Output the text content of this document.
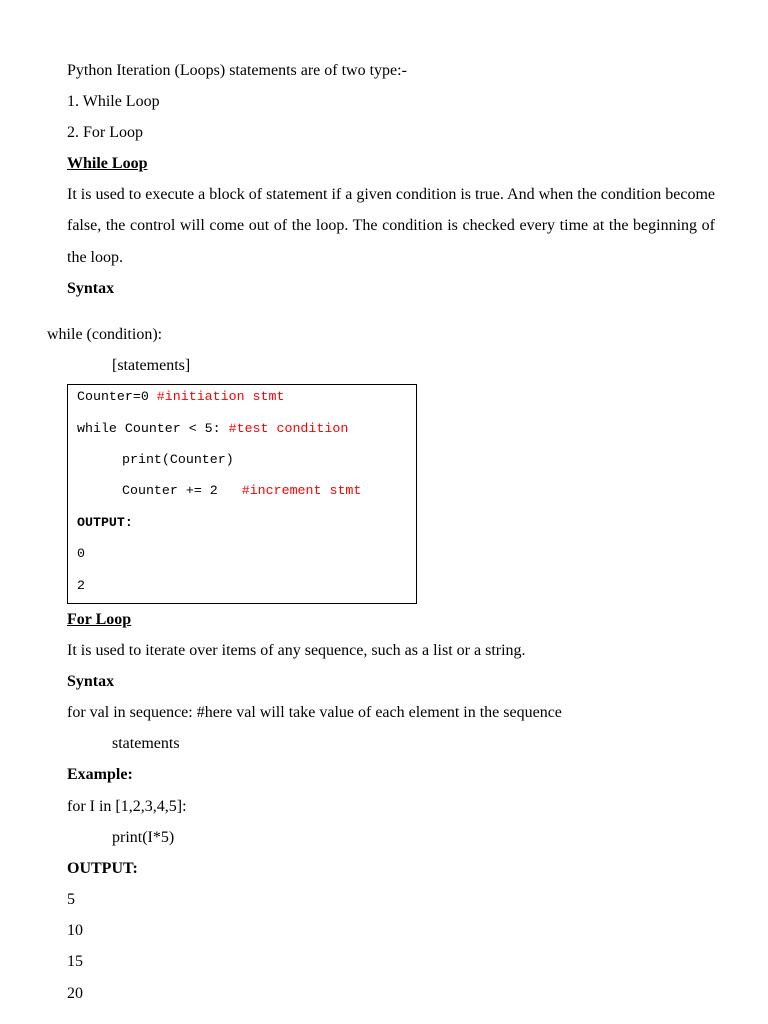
Python Iteration (Loops) statements are of two type:-
1. While Loop
2. For Loop
While Loop
It is used to execute a block of statement if a given condition is true. And when the condition become false, the control will come out of the loop. The condition is checked every time at the beginning of the loop.
Syntax
while (condition):
[statements]
Counter=0 #initiation stmt
while Counter < 5: #test condition
print(Counter)
Counter += 2   #increment stmt
OUTPUT:
0
2
For Loop
It is used to iterate over items of any sequence, such as a list or a string.
Syntax
for val in sequence: #here val will take value of each element in the sequence
statements
Example:
for I in [1,2,3,4,5]:
print(I*5)
OUTPUT:
5
10
15
20
